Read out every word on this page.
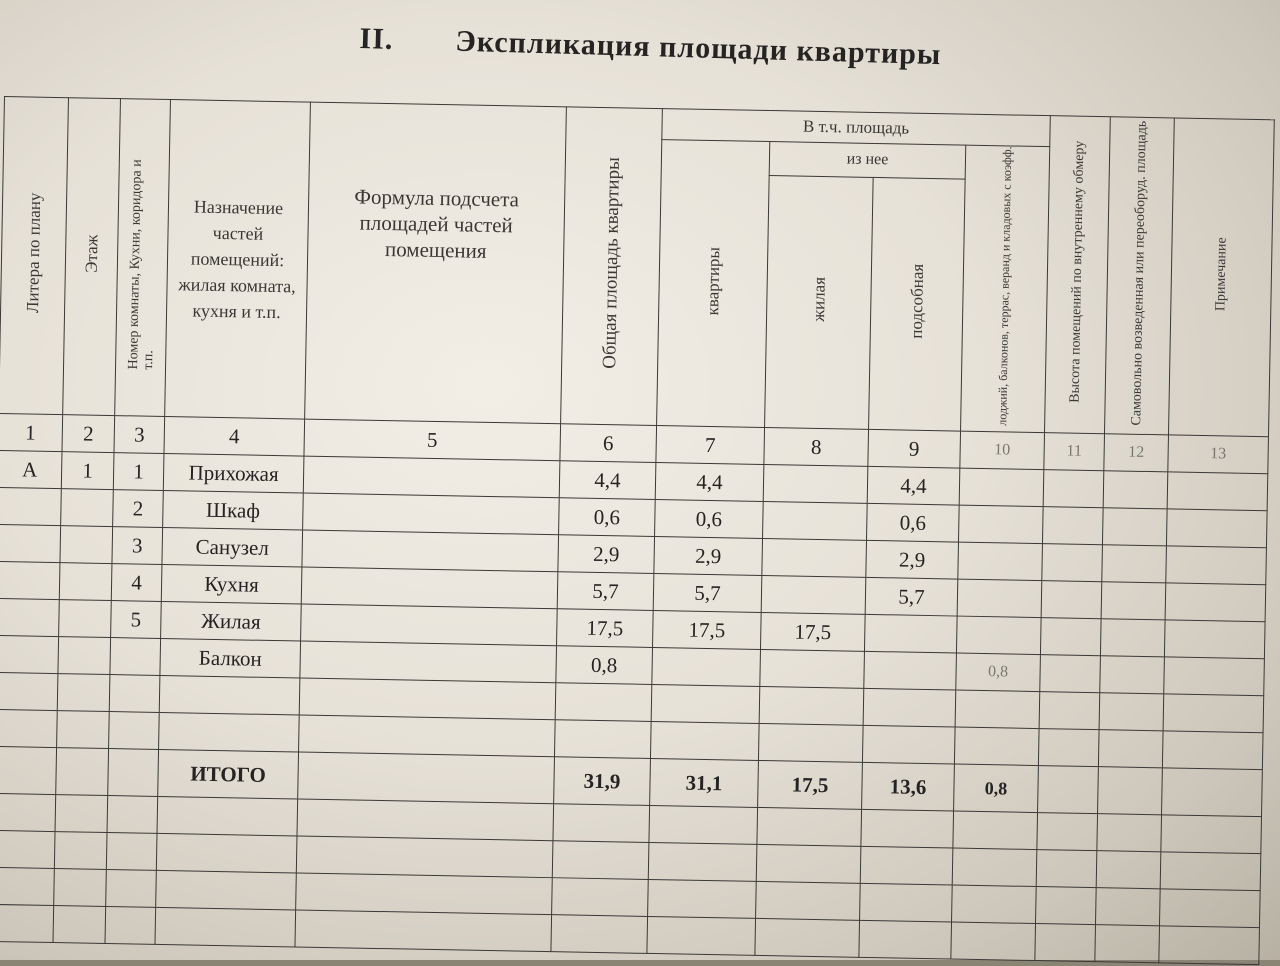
II. Экспликация площади квартиры
Литера по плану	Этаж	Номер комнаты, Кухни, коридора и т.п.	Назначение частей помещений: жилая комната, кухня и т.п.	Формула подсчета площадей частей помещения	Общая площадь квартиры	В т.ч. площадь				Высота помещений по внутреннему обмеру	Самовольно возведенная или переоборуд. площадь	Примечание
						квартиры	из нее		лоджий, балконов, террас, веранд и кладовых с коэфф.			
							жилая	подсобная				
1	2	3	4	5	6	7	8	9	10	11	12	13
А	1	1	Прихожая		4,4	4,4		4,4				
		2	Шкаф		0,6	0,6		0,6				
		3	Санузел		2,9	2,9		2,9				
		4	Кухня		5,7	5,7		5,7				
		5	Жилая		17,5	17,5	17,5					
			Балкон		0,8				0,8			

			ИТОГО		31,9	31,1	17,5	13,6	0,8			
